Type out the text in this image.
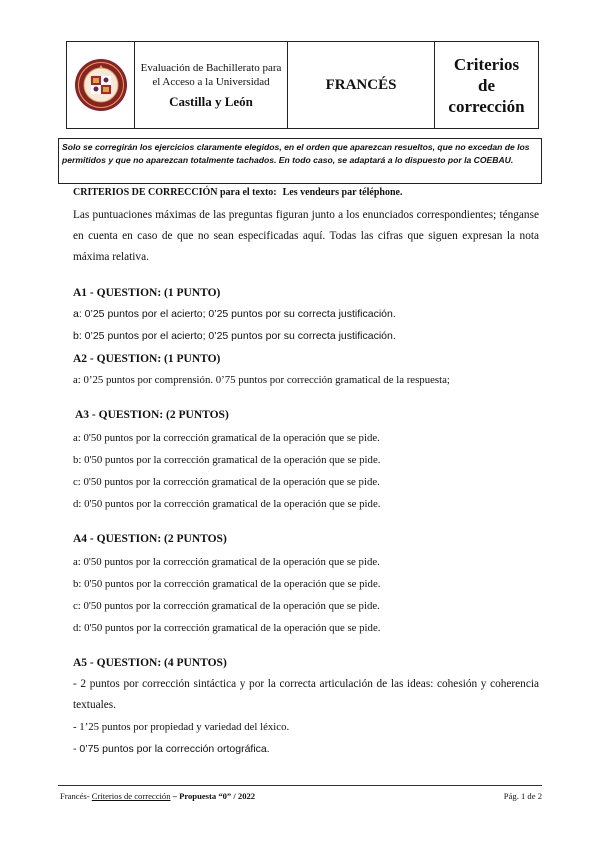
Evaluación de Bachillerato para
el Acceso a la Universidad
Castilla y León
FRANCÉS
Criterios
de
corrección
Solo se corregirán los ejercicios claramente elegidos, en el orden que aparezcan resueltos, que no excedan de los permitidos y que no aparezcan totalmente tachados. En todo caso, se adaptará a lo dispuesto por la COEBAU.

CRITERIOS DE CORRECCIÓN para el texto: Les vendeurs par téléphone.

Las puntuaciones máximas de las preguntas figuran junto a los enunciados correspondientes; ténganse en cuenta en caso de que no sean especificadas aquí. Todas las cifras que siguen expresan la nota máxima relativa.

A1 - QUESTION: (1 PUNTO)

a: 0’25 puntos por el acierto; 0’25 puntos por su correcta justificación.

b: 0’25 puntos por el acierto; 0’25 puntos por su correcta justificación.

A2 - QUESTION: (1 PUNTO)

a: 0’25 puntos por comprensión. 0’75 puntos por corrección gramatical de la respuesta;

A3 - QUESTION: (2 PUNTOS)

a: 0'50 puntos por la corrección gramatical de la operación que se pide.

b: 0'50 puntos por la corrección gramatical de la operación que se pide.

c: 0'50 puntos por la corrección gramatical de la operación que se pide.

d: 0'50 puntos por la corrección gramatical de la operación que se pide.

A4 - QUESTION: (2 PUNTOS)

a: 0'50 puntos por la corrección gramatical de la operación que se pide.

b: 0'50 puntos por la corrección gramatical de la operación que se pide.

c: 0'50 puntos por la corrección gramatical de la operación que se pide.

d: 0'50 puntos por la corrección gramatical de la operación que se pide.

A5 - QUESTION: (4 PUNTOS)

- 2 puntos por corrección sintáctica y por la correcta articulación de las ideas: cohesión y coherencia textuales.

- 1’25 puntos por propiedad y variedad del léxico.

- 0’75 puntos por la corrección ortográfica.

Francés- Criterios de corrección – Propuesta “0” / 2022	Pág. 1 de 2
